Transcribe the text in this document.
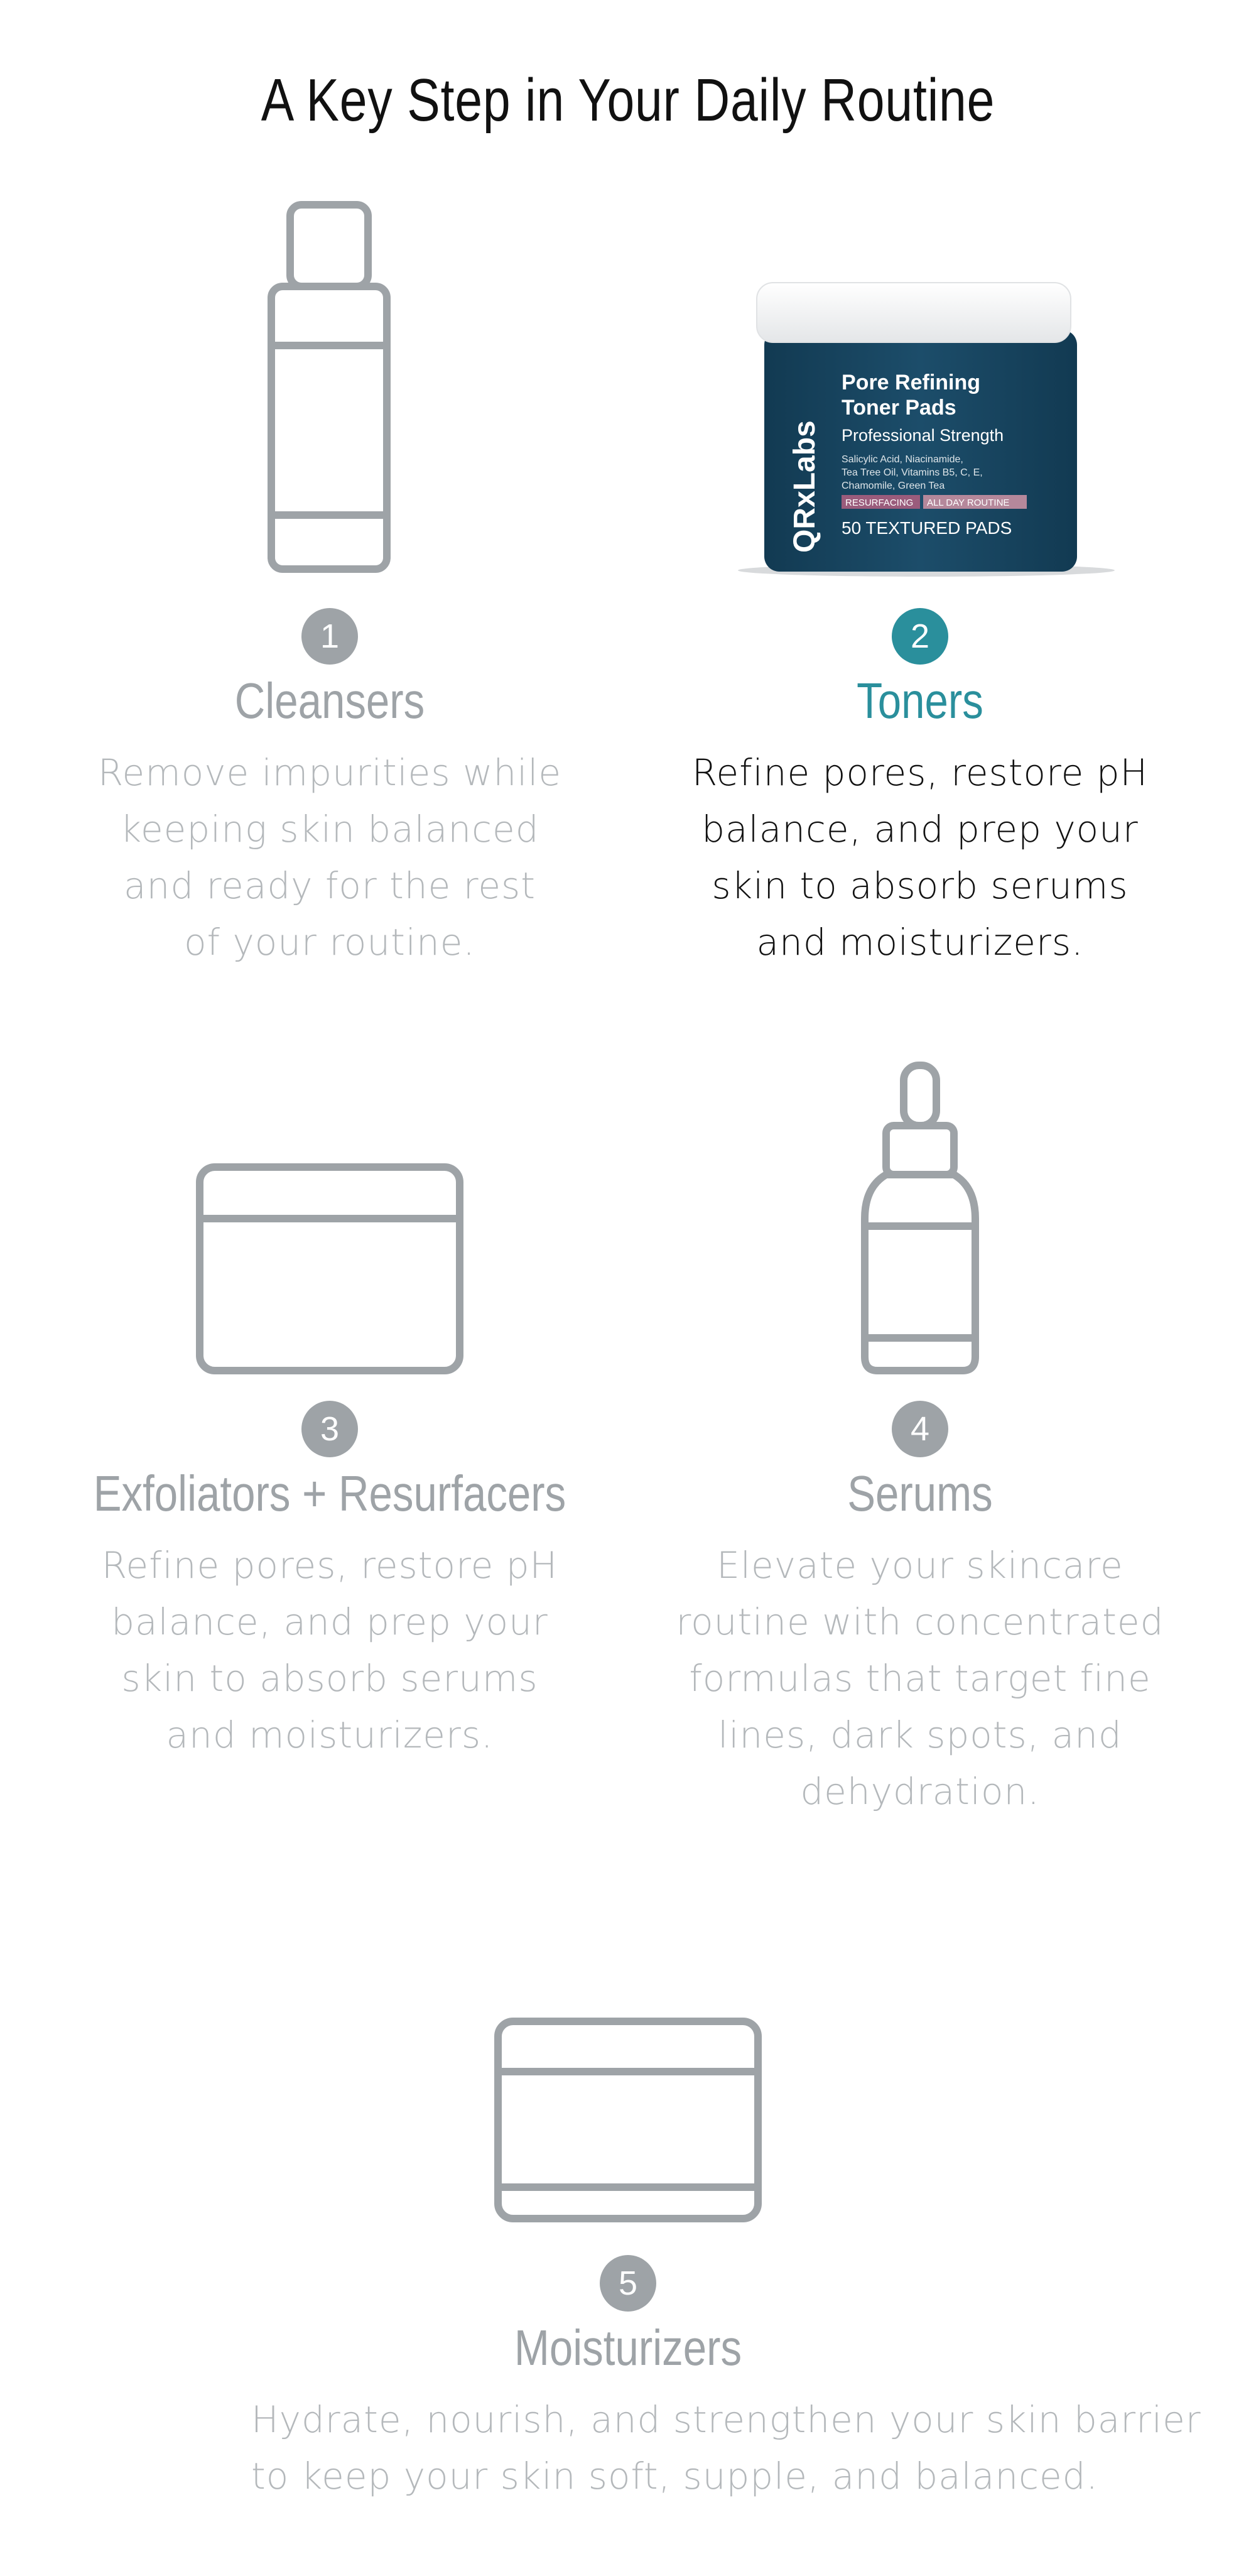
A Key Step in Your Daily Routine
1
Cleansers
Remove impurities while
keeping skin balanced
and ready for the rest
of your routine.
QRxLabs
Pore Refining
Toner Pads
Professional Strength
Salicylic Acid, Niacinamide,
Tea Tree Oil, Vitamins B5, C, E,
Chamomile, Green Tea
RESURFACING ALL DAY ROUTINE
50 TEXTURED PADS
2
Toners
Refine pores, restore pH
balance, and prep your
skin to absorb serums
and moisturizers.
3
Exfoliators + Resurfacers
Refine pores, restore pH
balance, and prep your
skin to absorb serums
and moisturizers.
4
Serums
Elevate your skincare
routine with concentrated
formulas that target fine
lines, dark spots, and
dehydration.
5
Moisturizers
Hydrate, nourish, and strengthen your skin barrier
to keep your skin soft, supple, and balanced.
